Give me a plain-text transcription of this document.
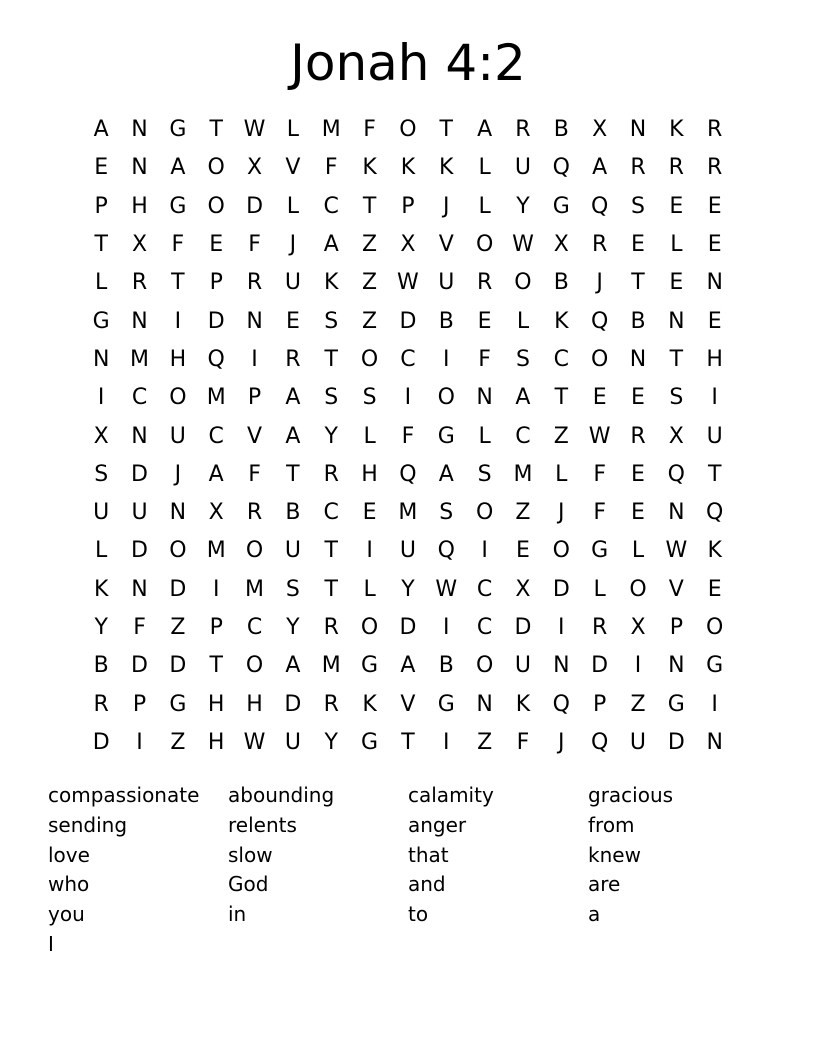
Jonah 4:2
A	N G	T W L	M	F	O	T	A	R	B	X	N	K	R
E	N	A	O	X	V	F	K	K	K	L	U Q	A	R	R	R
P	H G O D	L	C	T	P	J	L	Y	G Q	S	E	E
T	X	F	E	F	J	A	Z	X	V	O W X	R	E	L	E
L	R	T	P	R	U	K	Z W U	R	O	B	J	T	E	N
G N	I	D N	E	S	Z	D	B	E	L	K	Q	B	N	E
N M H Q	I	R	T	O	C	I	F	S	C O N	T	H
I	C O M	P	A	S	S	I	O N	A	T	E	E	S	I
X	N	U	C	V	A	Y	L	F	G	L	C	Z W R	X	U
S	D	J	A	F	T	R	H Q	A	S M	L	F	E	Q	T
U	U	N	X	R	B	C	E M S	O	Z	J	F	E	N Q
L	D O M O U	T	I	U Q	I	E	O G	L W K
K	N D	I	M S	T	L	Y W C	X	D	L	O	V	E
Y	F	Z	P	C	Y	R	O D	I	C	D	I	R	X	P	O
B	D D	T	O	A M G	A	B	O U	N D	I	N G
R	P	G H H D	R	K	V	G N	K	Q	P	Z	G	I
D	I	Z	H W U	Y	G	T	I	Z	F	J	Q U D N
compassionate	abounding	calamity	gracious
sending	relents	anger	from
love	slow	that	knew
who	God	and	are
you	in	to	a
I
